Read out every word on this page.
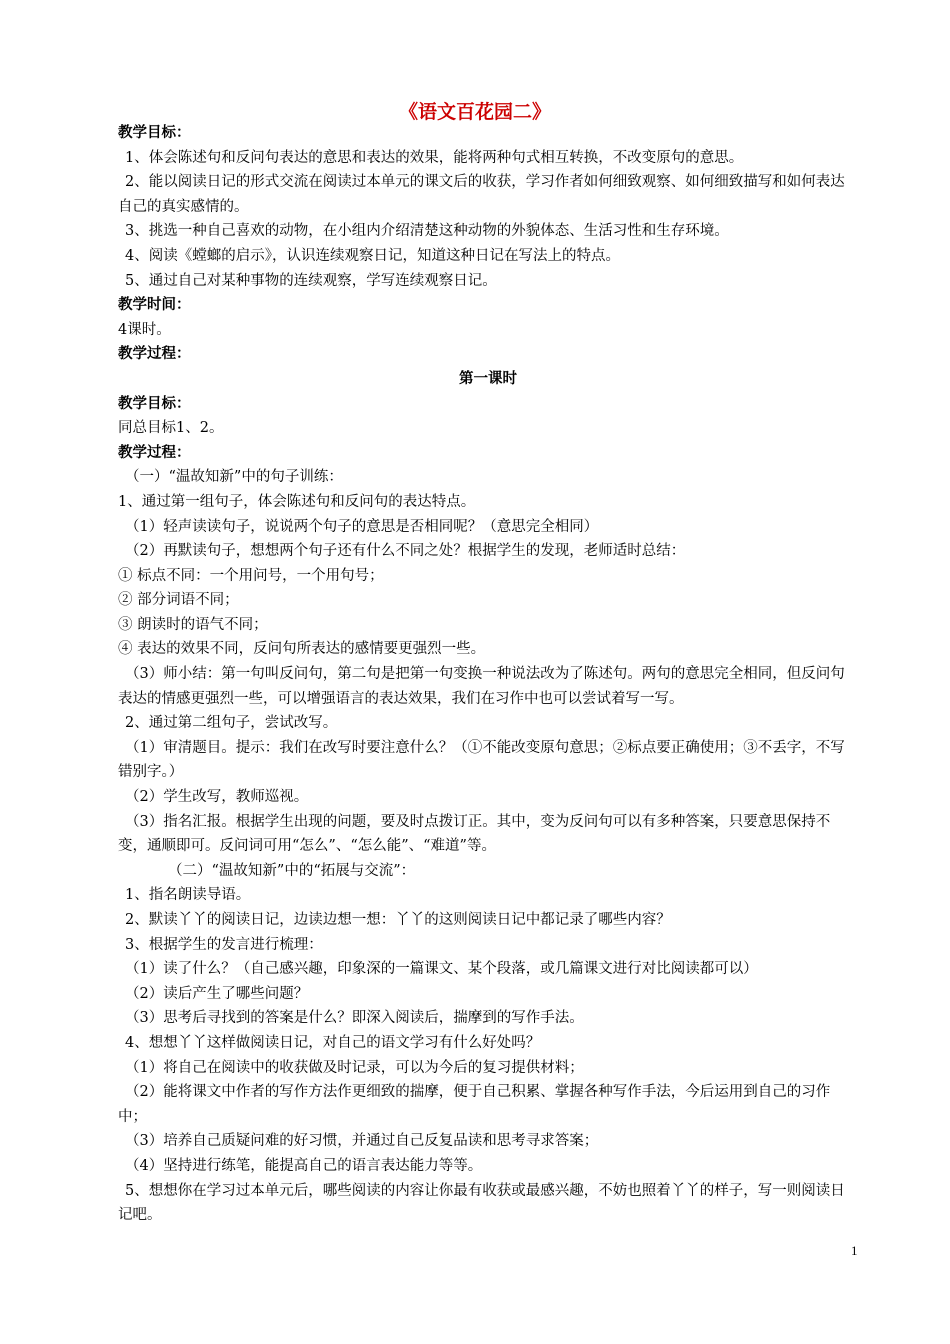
《语文百花园二》

教学目标：

1、体会陈述句和反问句表达的意思和表达的效果，能将两种句式相互转换，不改变原句的意思。

2、能以阅读日记的形式交流在阅读过本单元的课文后的收获，学习作者如何细致观察、如何细致描写和如何表达自己的真实感情的。

3、挑选一种自己喜欢的动物，在小组内介绍清楚这种动物的外貌体态、生活习性和生存环境。

4、阅读《螳螂的启示》，认识连续观察日记，知道这种日记在写法上的特点。

5、通过自己对某种事物的连续观察，学写连续观察日记。

教学时间：

4课时。

教学过程：

第一课时

教学目标：

同总目标1、2。

教学过程：

（一）“温故知新”中的句子训练：

1、通过第一组句子，体会陈述句和反问句的表达特点。

（1）轻声读读句子，说说两个句子的意思是否相同呢？（意思完全相同）

（2）再默读句子，想想两个句子还有什么不同之处？根据学生的发现，老师适时总结：

① 标点不同：一个用问号，一个用句号；

② 部分词语不同；

③ 朗读时的语气不同；

④ 表达的效果不同，反问句所表达的感情要更强烈一些。

（3）师小结：第一句叫反问句，第二句是把第一句变换一种说法改为了陈述句。两句的意思完全相同，但反问句表达的情感更强烈一些，可以增强语言的表达效果，我们在习作中也可以尝试着写一写。

2、通过第二组句子，尝试改写。

（1）审清题目。提示：我们在改写时要注意什么？（①不能改变原句意思；②标点要正确使用；③不丢字，不写错别字。）

（2）学生改写，教师巡视。

（3）指名汇报。根据学生出现的问题，要及时点拨订正。其中，变为反问句可以有多种答案，只要意思保持不变，通顺即可。反问词可用“怎么”、“怎么能”、“难道”等。

（二）“温故知新”中的“拓展与交流”：

1、指名朗读导语。

2、默读丫丫的阅读日记，边读边想一想：丫丫的这则阅读日记中都记录了哪些内容？

3、根据学生的发言进行梳理：

（1）读了什么？（自己感兴趣，印象深的一篇课文、某个段落，或几篇课文进行对比阅读都可以）

（2）读后产生了哪些问题？

（3）思考后寻找到的答案是什么？即深入阅读后，揣摩到的写作手法。

4、想想丫丫这样做阅读日记，对自己的语文学习有什么好处吗？

（1）将自己在阅读中的收获做及时记录，可以为今后的复习提供材料；

（2）能将课文中作者的写作方法作更细致的揣摩，便于自己积累、掌握各种写作手法，今后运用到自己的习作中；

（3）培养自己质疑问难的好习惯，并通过自己反复品读和思考寻求答案；

（4）坚持进行练笔，能提高自己的语言表达能力等等。

5、想想你在学习过本单元后，哪些阅读的内容让你最有收获或最感兴趣，不妨也照着丫丫的样子，写一则阅读日记吧。

1
